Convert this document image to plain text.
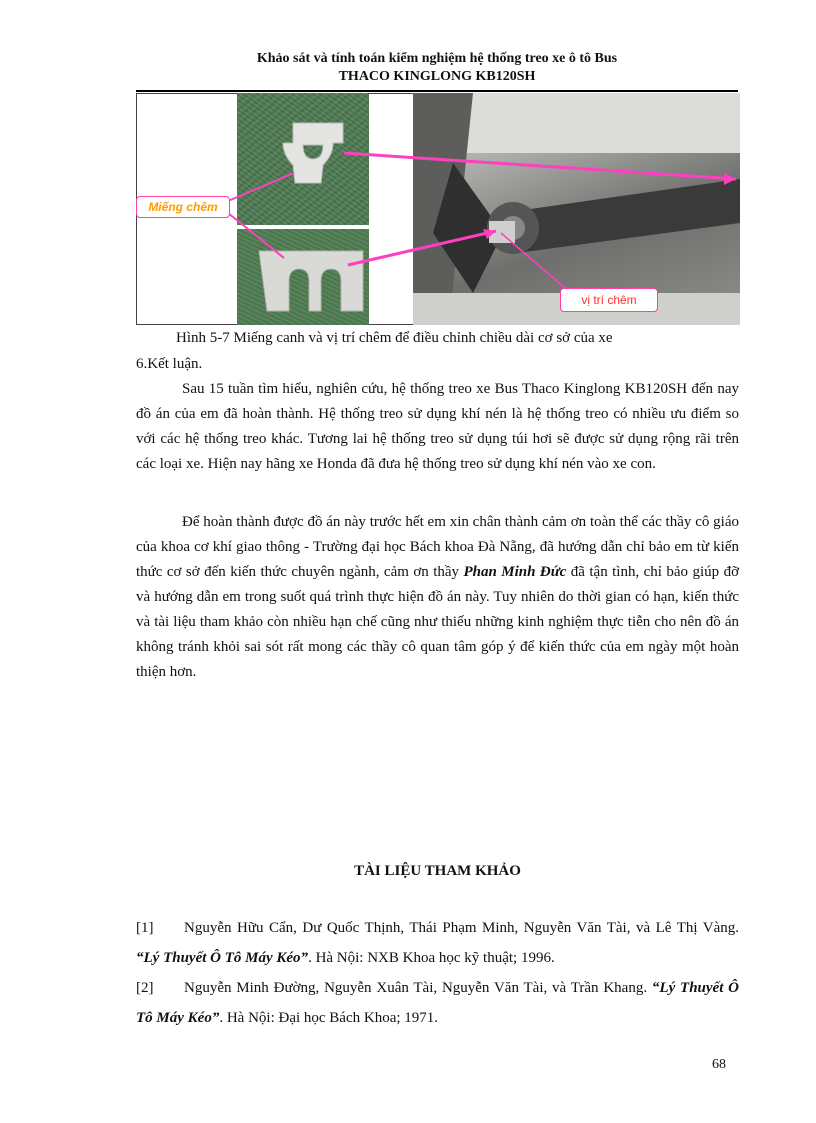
Khảo sát và tính toán kiểm nghiệm hệ thống treo xe ô tô Bus
THACO KINGLONG KB120SH
Miếng chêm
vị trí chêm
Hình 5-7 Miếng canh và vị trí chêm để điều chỉnh chiều dài cơ sở của xe
6.Kết luận.
Sau 15 tuần tìm hiểu, nghiên cứu, hệ thống treo xe Bus Thaco Kinglong KB120SH đến nay đồ án của em đã hoàn thành. Hệ thống treo sử dụng khí nén là hệ thống treo có nhiều ưu điểm so với các hệ thống treo khác. Tương lai hệ thống treo sử dụng túi hơi sẽ được sử dụng rộng rãi trên các loại xe. Hiện nay hãng xe Honda đã đưa hệ thống treo sử dụng khí nén vào xe con.
Để hoàn thành được đồ án này trước hết em xin chân thành cảm ơn toàn thể các thầy cô giáo của khoa cơ khí giao thông - Trường đại học Bách khoa Đà Nẵng, đã hướng dẫn chỉ bảo em từ kiến thức cơ sở đến kiến thức chuyên ngành, cảm ơn thầy Phan Minh Đức đã tận tình, chỉ bảo giúp đỡ và hướng dẫn em trong suốt quá trình thực hiện đồ án này. Tuy nhiên do thời gian có hạn, kiến thức và tài liệu tham khảo còn nhiều hạn chế cũng như thiếu những kinh nghiệm thực tiễn cho nên đồ án không tránh khỏi sai sót rất mong các thầy cô quan tâm góp ý để kiến thức của em ngày một hoàn thiện hơn.
TÀI LIỆU THAM KHẢO
[1] Nguyễn Hữu Cẩn, Dư Quốc Thịnh, Thái Phạm Minh, Nguyễn Văn Tài, và Lê Thị Vàng. “Lý Thuyết Ô Tô Máy Kéo”. Hà Nội: NXB Khoa học kỹ thuật; 1996.
[2] Nguyễn Minh Đường, Nguyễn Xuân Tài, Nguyễn Văn Tài, và Trần Khang. “Lý Thuyết Ô Tô Máy Kéo”. Hà Nội: Đại học Bách Khoa; 1971.
68
